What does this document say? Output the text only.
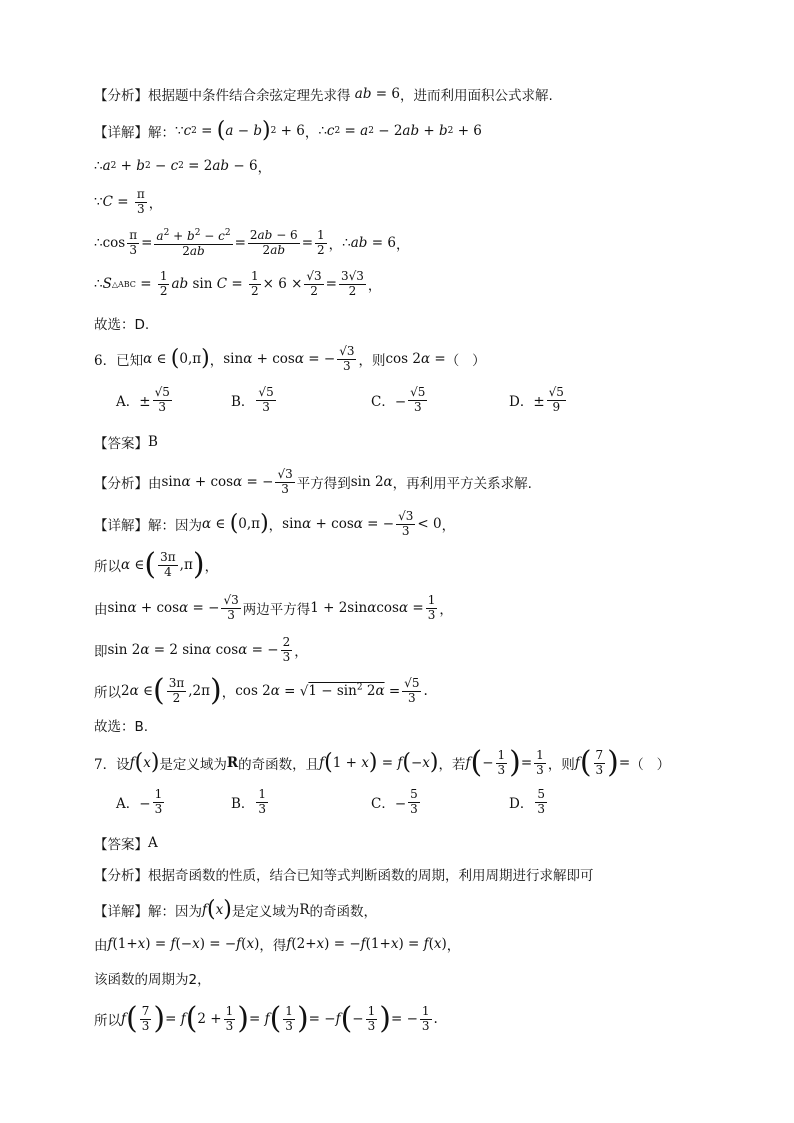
【分析】 根据题中条件结合余弦定理先求得 ab = 6 ，进而利用面积公式求解.
【详解】 解： ∵ c 2 = ( a − b ) 2 + 6 ， ∴ c 2 = a 2 − 2 ab + b 2 + 6
∴ a 2 + b 2 − c 2 = 2 ab − 6 ，
∵ $C = \frac{\pi}{3}$ ，
∴cos $\frac{\pi}{3} = \frac{a^2 + b^2 - c^2}{2ab} = \frac{2ab - 6}{2ab} = \frac{1}{2}$ ， ∴ ab = 6 ，
∴ S △ABC = $\frac{1}{2}$ ab $\sin C = \frac{1}{2} \times 6 \times \frac{√3}{2} = \frac{3√3}{2}$ ，
故选：D.
6． 已知 α ∈ ( 0,π ) ， sin α + cos α = − $\frac{√3}{3}$ ，则 cos 2 α = （   ）
A．± $\frac{√5}{3}$	B． $\frac{√5}{3}$	C．− $\frac{√5}{3}$	D．± $\frac{√5}{9}$
【答案】 B
【分析】 由 sin α + cos α = − $\frac{√3}{3}$ 平方得到 sin 2 α ，再利用平方关系求解.
【详解】 解：因为 α ∈ ( 0,π ) ， sin α + cos α = − $\frac{√3}{3} < 0$ ，
所以 α ∈ ( $\frac{3\pi}{4} ,\pi$ ) ，
由 sin α + cos α = − $\frac{√3}{3}$ 两边平方得 1 + 2sin α $\cos \alpha = \frac{1}{3}$ ，
即 sin 2 α = 2 sin α cos α = − $\frac{2}{3}$ ，
所以 2 α ∈ ( $\frac{3\pi}{2} ,2\pi$ ) ， cos 2 $\alpha = √1 - \sin^2 2\alpha = \frac{√5}{3}$ .
故选：B.
7． 设 f ( x ) 是定义域为 R 的奇函数，且 f ( 1 + x ) = f ( − x ) ，若 f ( − $\frac{1}{3}$ ) = $\frac{1}{3}$ ，则 f ( $\frac{7}{3}$ ) = （   ）
A．− $\frac{1}{3}$	B． $\frac{1}{3}$	C．− $\frac{5}{3}$	D． $\frac{5}{3}$
【答案】 A
【分析】 根据奇函数的性质，结合已知等式判断函数的周期，利用周期进行求解即可
【详解】 解：因为 f ( x ) 是定义域为 R 的奇函数，
由 f (1+ x ) = f (− x ) = − f ( x ) ，得 f (2+ x ) = − f (1+ x ) = f ( x ) ，
该函数的周期为2，
所以 f ( $\frac{7}{3}$ ) = f ( $2 + \frac{1}{3}$ ) = f ( $\frac{1}{3}$ ) = − f ( − $\frac{1}{3}$ ) = − $\frac{1}{3}$ .
